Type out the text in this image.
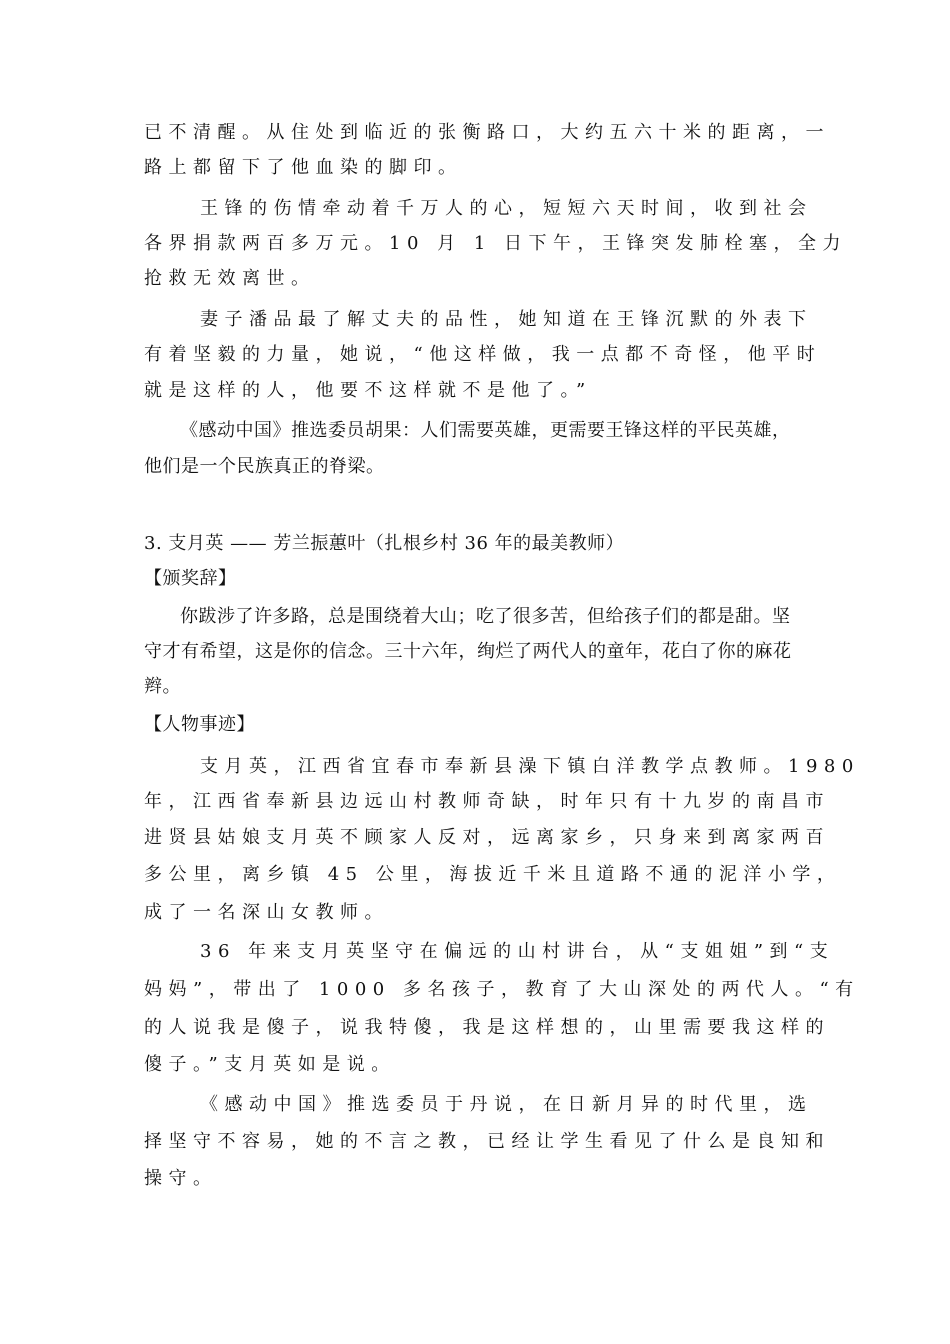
已不清醒。从住处到临近的张衡路口，大约五六十米的距离，一
路上都留下了他血染的脚印。
王锋的伤情牵动着千万人的心，短短六天时间，收到社会
各界捐款两百多万元。10 月 1 日下午，王锋突发肺栓塞，全力
抢救无效离世。
妻子潘品最了解丈夫的品性，她知道在王锋沉默的外表下
有着坚毅的力量，她说，“他这样做，我一点都不奇怪，他平时
就是这样的人，他要不这样就不是他了。”
《感动中国》推选委员胡果：人们需要英雄，更需要王锋这样的平民英雄，
他们是一个民族真正的脊梁。
3. 支月英 —— 芳兰振蕙叶（扎根乡村 36 年的最美教师）
【颁奖辞】
你跋涉了许多路，总是围绕着大山；吃了很多苦，但给孩子们的都是甜。坚
守才有希望，这是你的信念。三十六年，绚烂了两代人的童年，花白了你的麻花
辫。
【人物事迹】
支月英，江西省宜春市奉新县澡下镇白洋教学点教师。1980
年，江西省奉新县边远山村教师奇缺，时年只有十九岁的南昌市
进贤县姑娘支月英不顾家人反对，远离家乡，只身来到离家两百
多公里，离乡镇 45 公里，海拔近千米且道路不通的泥洋小学，
成了一名深山女教师。
36 年来支月英坚守在偏远的山村讲台，从“支姐姐”到“支
妈妈”，带出了 1000 多名孩子，教育了大山深处的两代人。“有
的人说我是傻子，说我特傻，我是这样想的，山里需要我这样的
傻子。”支月英如是说。
《感动中国》推选委员于丹说，在日新月异的时代里，选
择坚守不容易，她的不言之教，已经让学生看见了什么是良知和
操守。
